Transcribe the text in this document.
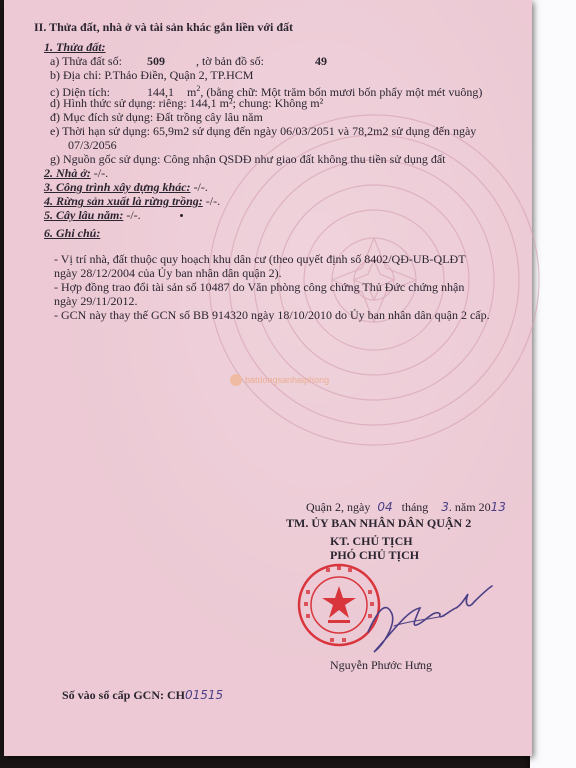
batdongsanhaiphong
II. Thửa đất, nhà ở và tài sản khác gắn liền với đất
1. Thửa đất:
a) Thửa đất số: 509	, tờ bản đồ số:	49
b) Địa chỉ: P.Thảo Điền, Quận 2, TP.HCM
c) Diện tích:	144,1 $m^2$, (bằng chữ: Một trăm bốn mươi bốn phẩy một mét vuông)
d) Hình thức sử dụng: riêng: 144,1 m²; chung: Không m²
đ) Mục đích sử dụng: Đất trồng cây lâu năm
e) Thời hạn sử dụng: 65,9m2 sử dụng đến ngày 06/03/2051 và 78,2m2 sử dụng đến ngày
07/3/2056
g) Nguồn gốc sử dụng: Công nhận QSDĐ như giao đất không thu tiền sử dụng đất
2. Nhà ở: -/-.
3. Công trình xây dựng khác: -/-.
4. Rừng sản xuất là rừng trồng: -/-.
5. Cây lâu năm: -/-.
6. Ghi chú:
- Vị trí nhà, đất thuộc quy hoạch khu dân cư (theo quyết định số 8402/QĐ-UB-QLĐT
ngày 28/12/2004 của Ủy ban nhân dân quận 2).
- Hợp đồng trao đổi tài sản số 10487 do Văn phòng công chứng Thủ Đức chứng nhận
ngày 29/11/2012.
- GCN này thay thế GCN số BB 914320 ngày 18/10/2010 do Ủy ban nhân dân quận 2 cấp.
Quận 2, ngày 04 tháng 3. năm 2013
TM. ỦY BAN NHÂN DÂN QUẬN 2
KT. CHỦ TỊCH
PHÓ CHỦ TỊCH
Nguyễn Phước Hưng
Số vào sổ cấp GCN: CH01515
